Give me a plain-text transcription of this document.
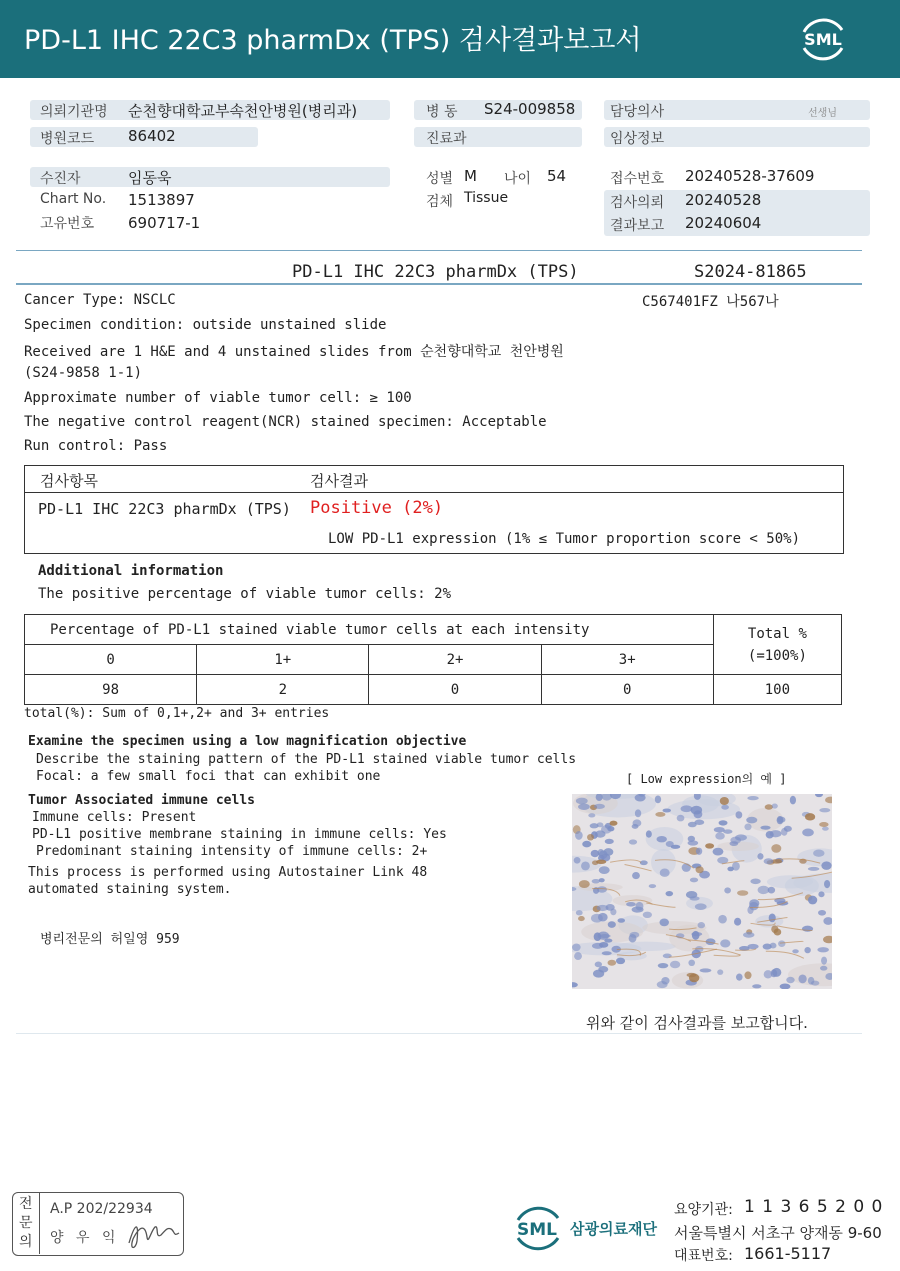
PD-L1 IHC 22C3 pharmDx (TPS) 검사결과보고서	SML
의뢰기관명 순천향대학교부속천안병원(병리과)	병 동 S24-009858 담당의사	선생님
병원코드 86402	진료과	임상정보
수진자	임동욱	성별 M 나이 54	접수번호 20240528-37609
Chart No. 1513897	검체 Tissue	검사의뢰 20240528
고유번호 690717-1	결과보고 20240604
PD-L1 IHC 22C3 pharmDx (TPS)	S2024-81865
C567401FZ 나567나
Cancer Type: NSCLC
Specimen condition: outside unstained slide
Received are 1 H&E and 4 unstained slides from 순천향대학교 천안병원
(S24-9858 1-1)
Approximate number of viable tumor cell: ≥ 100
The negative control reagent(NCR) stained specimen: Acceptable
Run control: Pass
검사항목	검사결과
PD-L1 IHC 22C3 pharmDx (TPS) Positive (2%)
LOW PD-L1 expression (1% ≤ Tumor proportion score < 50%)
Additional information
The positive percentage of viable tumor cells: 2%
Percentage of PD-L1 stained viable tumor cells at each intensity				Total %
(=100%)
0	1+	2+	3+	
98	2	0	0	100
total(%): Sum of 0,1+,2+ and 3+ entries
Examine the specimen using a low magnification objective
Describe the staining pattern of the PD-L1 stained viable tumor cells
Focal: a few small foci that can exhibit one	[ Low expression의 예 ]
Tumor Associated immune cells
Immune cells: Present
PD-L1 positive membrane staining in immune cells: Yes
Predominant staining intensity of immune cells: 2+
This process is performed using Autostainer Link 48
automated staining system.
병리전문의 허일영 959
위와 같이 검사결과를 보고합니다.
전
문
의
A.P 202/22934
양 우 익	SML 삼광의료재단
요양기관: 1 1 3 6 5 2 0 0
서울특별시 서초구 양재동 9-60
대표번호: 1661-5117
